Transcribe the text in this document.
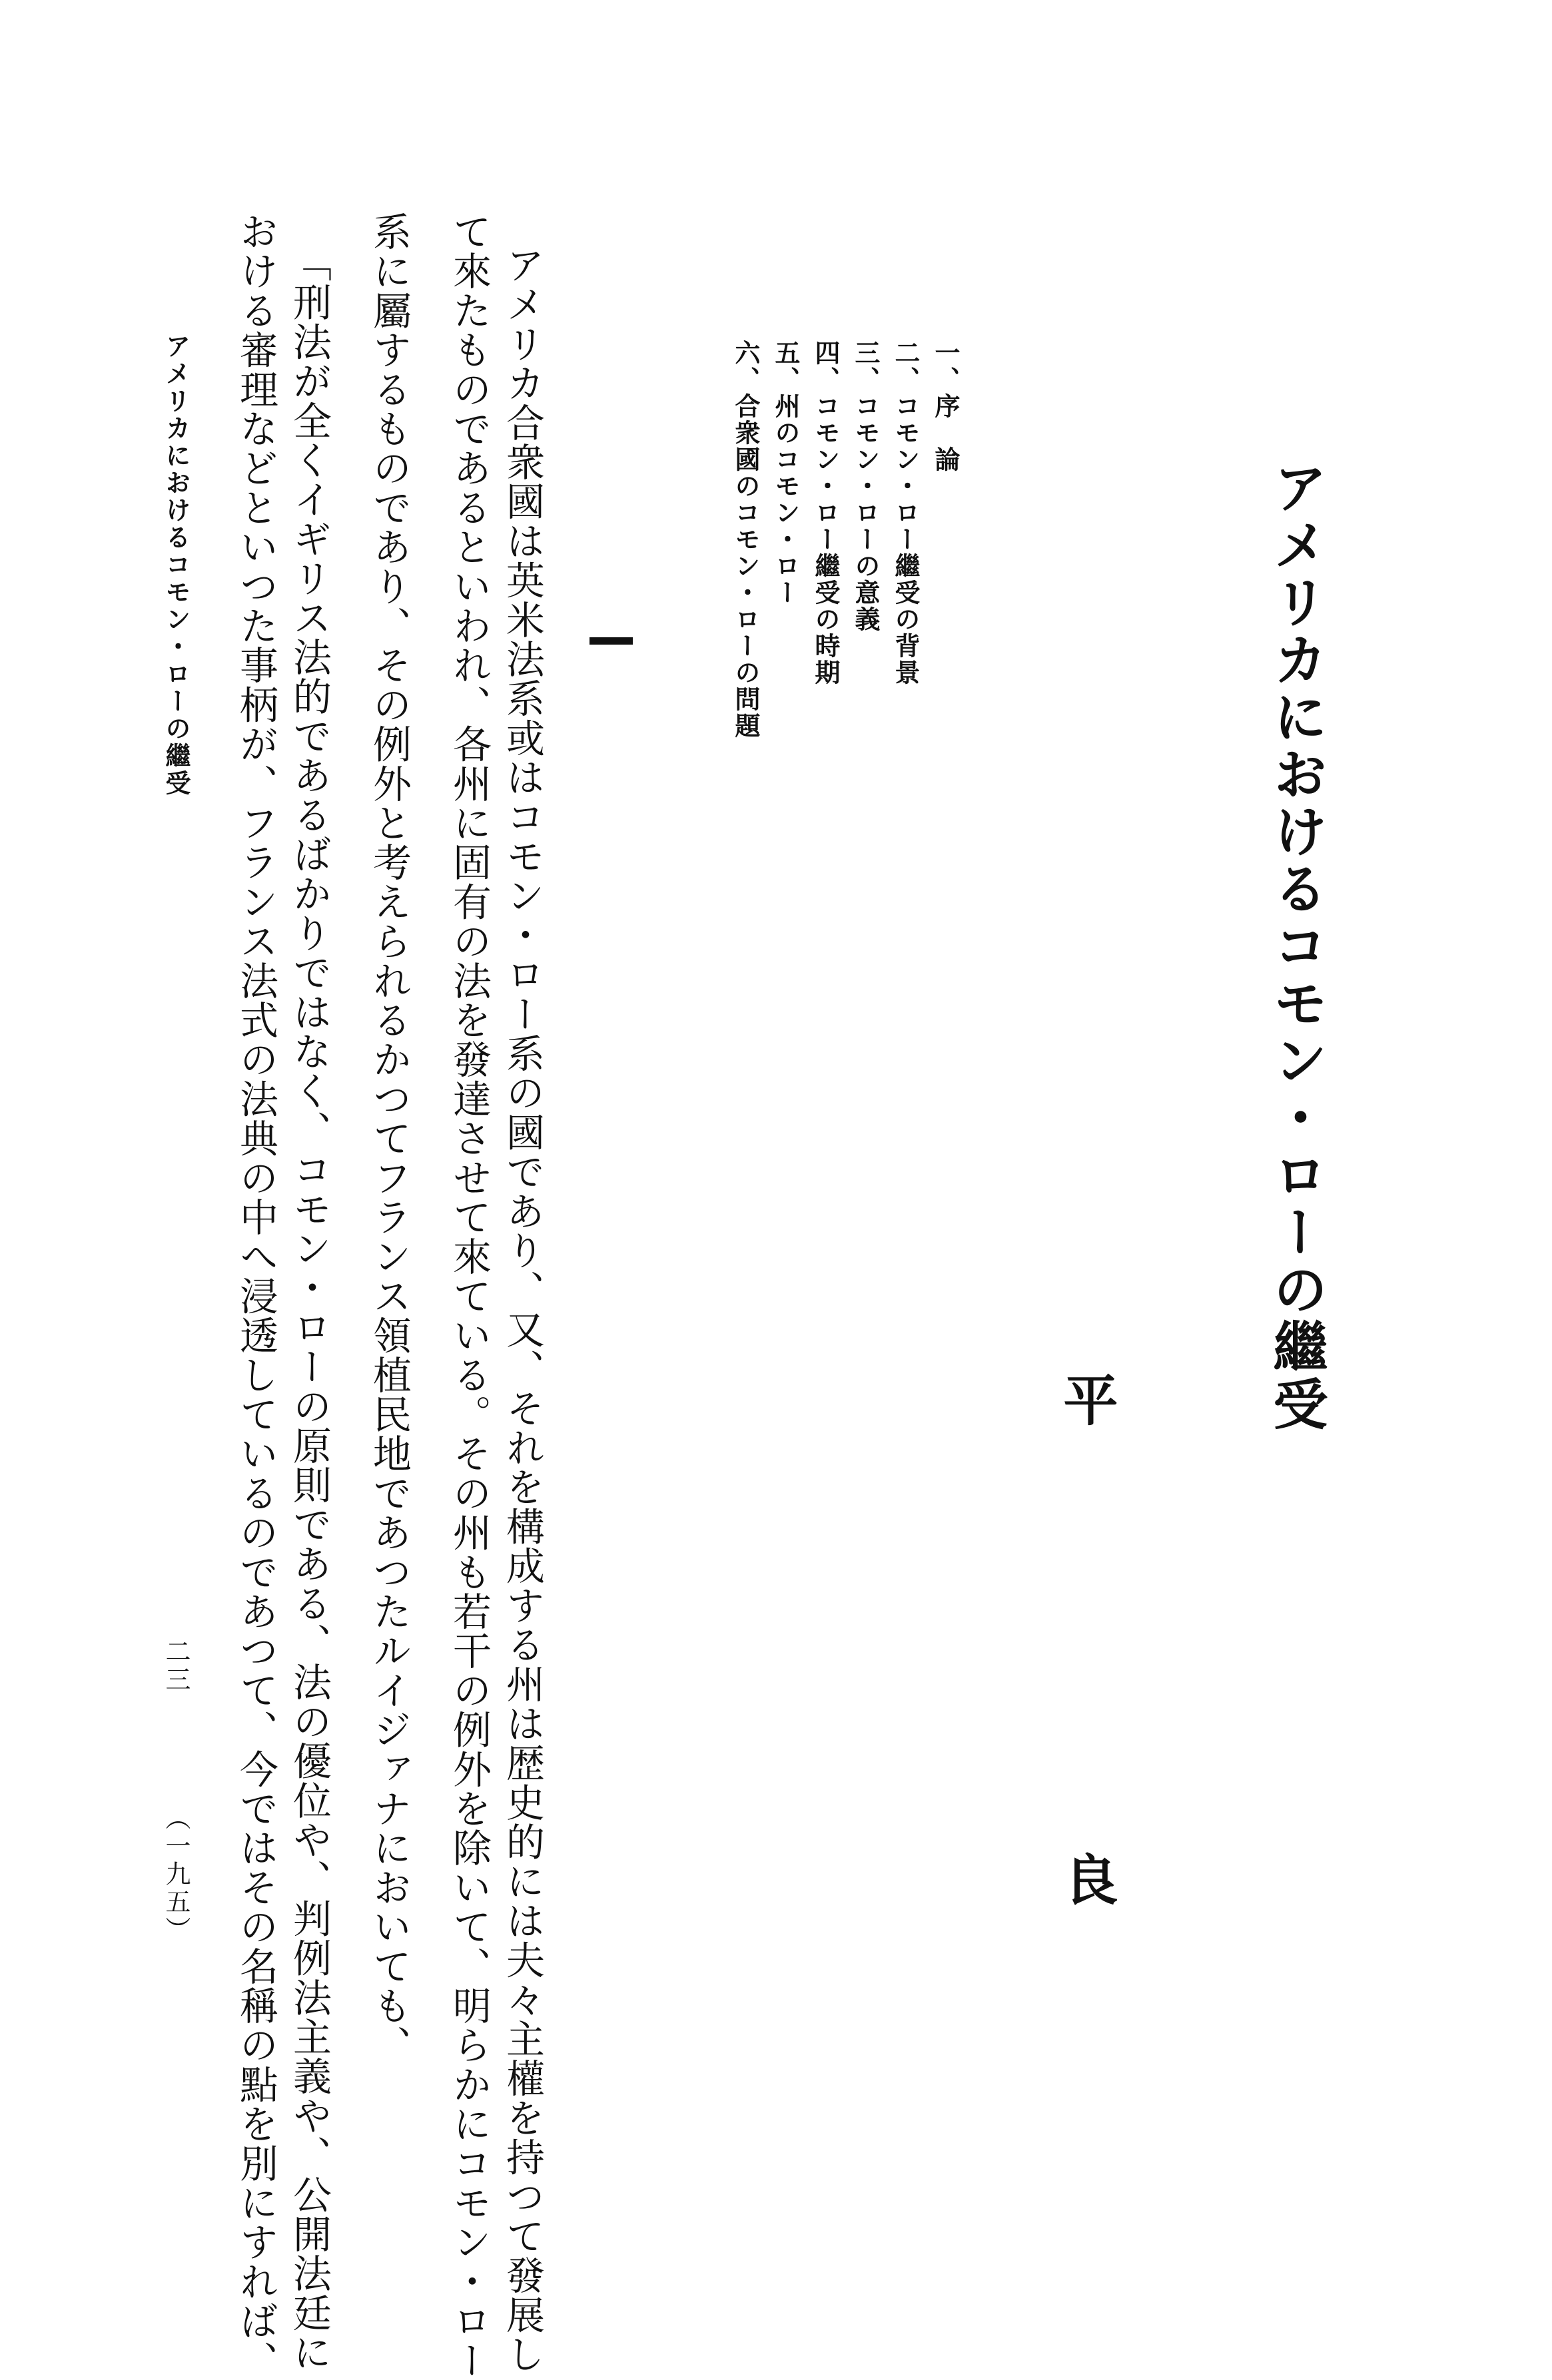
アメリカにおけるコモン・ローの繼受
平
良
一、序　論
二、コモン・ロー繼受の背景
三、コモン・ローの意義
四、コモン・ロー繼受の時期
五、州のコモン・ロー
六、合衆國のコモン・ローの問題
アメリカ合衆國は英米法系或はコモン・ロー系の國であり、又、それを構成する州は歴史的には夫々主權を持つて發展し
て來たものであるといわれ、各州に固有の法を發達させて來ている。その州も若干の例外を除いて、明らかにコモン・ロー
系に屬するものであり、その例外と考えられるかつてフランス領植民地であつたルイジァナにおいても、
「刑法が全くイギリス法的であるばかりではなく、コモン・ローの原則である、法の優位や、判例法主義や、公開法廷に
おける審理などといつた事柄が、フランス法式の法典の中へ浸透しているのであつて、今ではその名稱の點を別にすれば、
アメリカにおけるコモン・ローの繼受
二三
（一九五）
